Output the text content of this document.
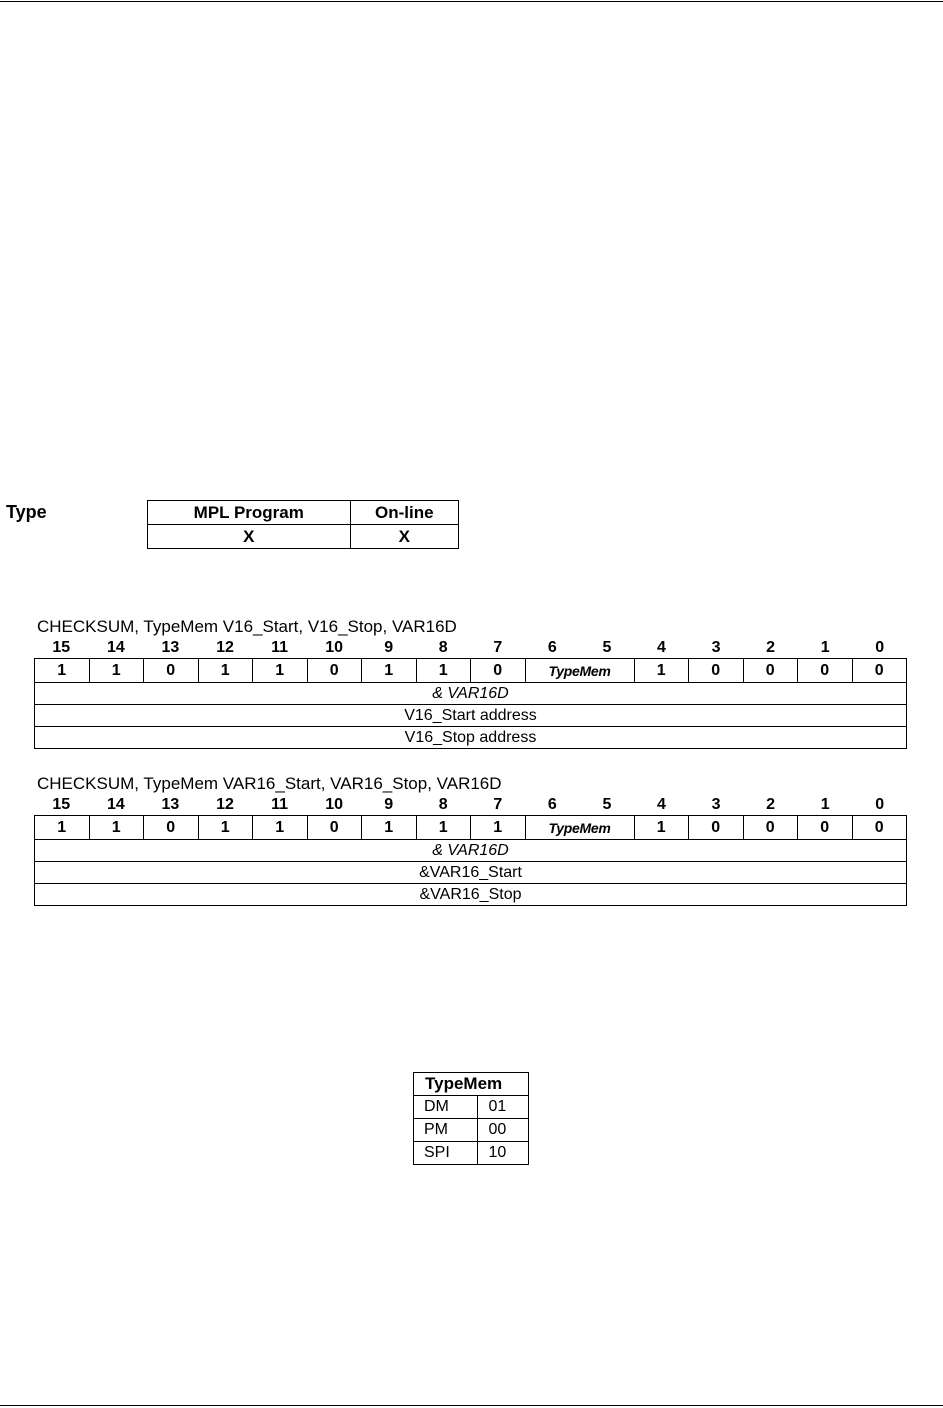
Type	MPL Program	On-line
X	X
CHECKSUM, TypeMem V16_Start, V16_Stop, VAR16D
15	14	13	12	11	10	9	8	7	6	5	4	3	2	1	0
1	1	0	1	1	0	1	1	0	TypeMem	1	0	0	0	0
& VAR16D
V16_Start address
V16_Stop address
CHECKSUM, TypeMem VAR16_Start, VAR16_Stop, VAR16D
15	14	13	12	11	10	9	8	7	6	5	4	3	2	1	0
1	1	0	1	1	0	1	1	1	TypeMem	1	0	0	0	0
& VAR16D
&VAR16_Start
&VAR16_Stop
TypeMem	
DM	01
PM	00
SPI	10
